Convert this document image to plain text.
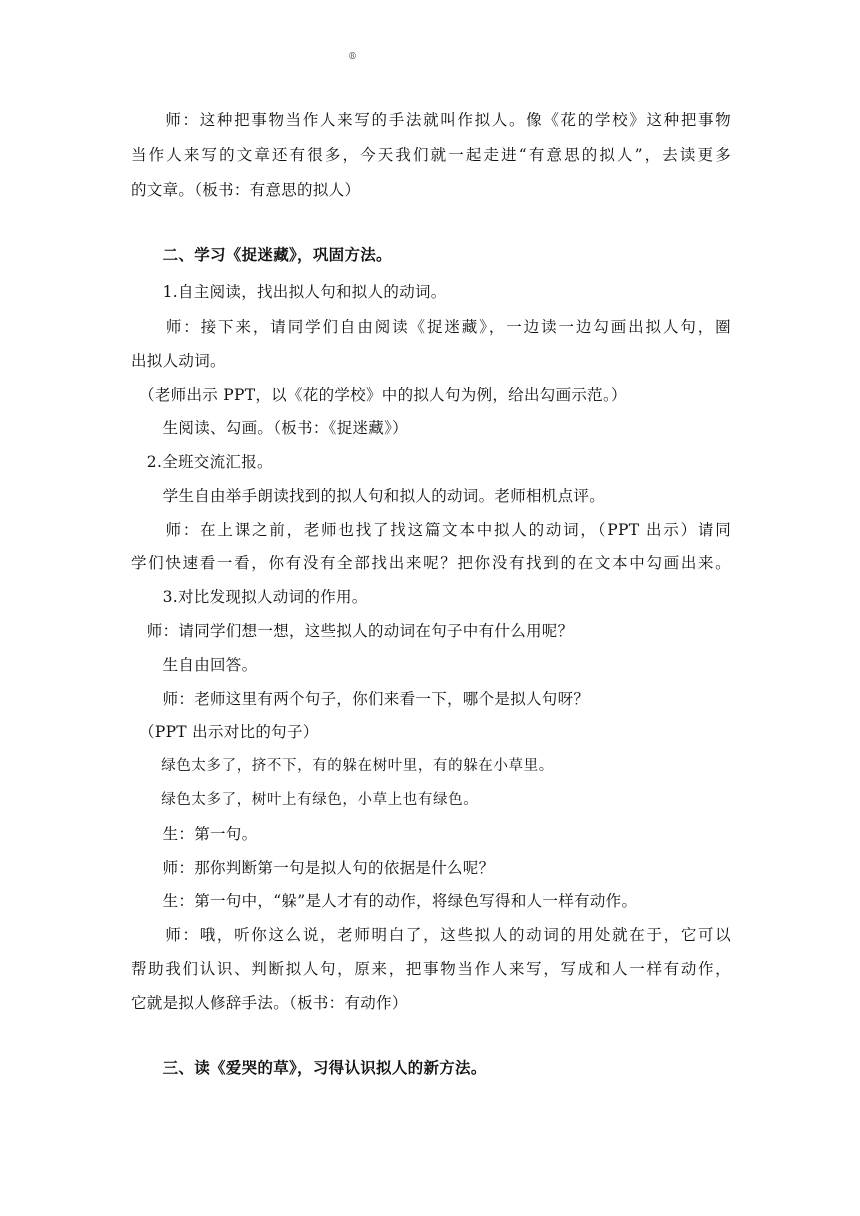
®
　　师：这种把事物当作人来写的手法就叫作拟人。像《花的学校》这种把事物
当作人来写的文章还有很多，今天我们就一起走进“有意思的拟人”，去读更多
的文章。（板书：有意思的拟人）
　　二、学习《捉迷藏》，巩固方法。
　　1.自主阅读，找出拟人句和拟人的动词。
　　师：接下来，请同学们自由阅读《捉迷藏》，一边读一边勾画出拟人句，圈
出拟人动词。
　（老师出示 PPT，以《花的学校》中的拟人句为例，给出勾画示范。）
　　生阅读、勾画。（板书：《捉迷藏》）
　2.全班交流汇报。
　　学生自由举手朗读找到的拟人句和拟人的动词。老师相机点评。
　　师：在上课之前，老师也找了找这篇文本中拟人的动词，（PPT 出示）请同
学们快速看一看，你有没有全部找出来呢？把你没有找到的在文本中勾画出来。
　　3.对比发现拟人动词的作用。
　师：请同学们想一想，这些拟人的动词在句子中有什么用呢？
　　生自由回答。
　　师：老师这里有两个句子，你们来看一下，哪个是拟人句呀？
　（PPT 出示对比的句子）
　　绿色太多了，挤不下，有的躲在树叶里，有的躲在小草里。
　　绿色太多了，树叶上有绿色，小草上也有绿色。
　　生：第一句。
　　师：那你判断第一句是拟人句的依据是什么呢？
　　生：第一句中，“躲”是人才有的动作，将绿色写得和人一样有动作。
　　师：哦，听你这么说，老师明白了，这些拟人的动词的用处就在于，它可以
帮助我们认识、判断拟人句，原来，把事物当作人来写，写成和人一样有动作，
它就是拟人修辞手法。（板书：有动作）
　　三、读《爱哭的草》，习得认识拟人的新方法。
